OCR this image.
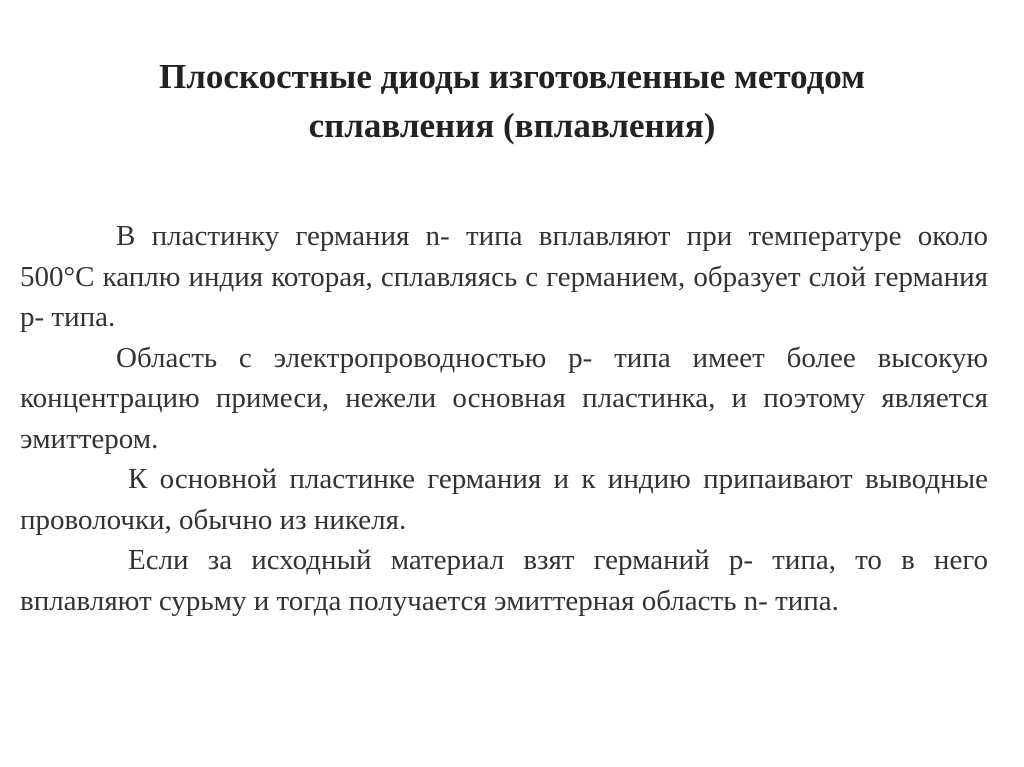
Плоскостные диоды изготовленные методом
сплавления (вплавления)

В пластинку германия n- типа вплавляют при температуре около 500°С каплю индия которая, сплавляясь с германием, образует слой германия р- типа.

Область с электропроводностью р- типа имеет более высокую концентрацию примеси, нежели основная пластинка, и поэтому является эмиттером.

К основной пластинке германия и к индию припаивают выводные проволочки, обычно из никеля.

Если за исходный материал взят германий р- типа, то в него вплавляют сурьму и тогда получается эмиттерная область n- типа.
